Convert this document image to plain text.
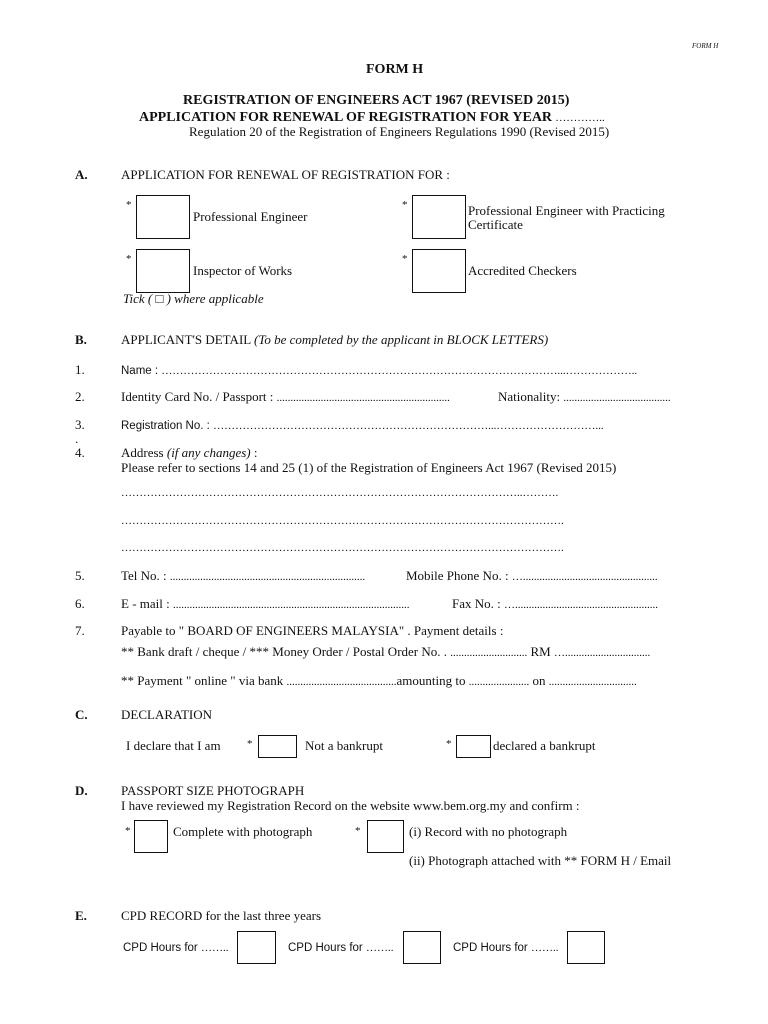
FORM H
FORM H
REGISTRATION OF ENGINEERS ACT 1967 (REVISED 2015)
APPLICATION FOR RENEWAL OF REGISTRATION FOR YEAR …………..
Regulation 20 of the Registration of Engineers Regulations 1990 (Revised 2015)
A.	APPLICATION FOR RENEWAL OF REGISTRATION FOR :
*
Professional Engineer
*	Professional Engineer with Practicing
Certificate
*
Inspector of Works
*
Accredited Checkers
Tick ( □ ) where applicable
B.	APPLICANT'S DETAIL (To be completed by the applicant in BLOCK LETTERS)
1.	Name : ………………………………………………………………………………………………...………………..
2.	Identity Card No. / Passport : ...............................................................	Nationality: .......................................
3.
.
Registration No. : …………………………………………………………………...………………………...
4.	Address (if any changes) :
Please refer to sections 14 and 25 (1) of the Registration of Engineers Act 1967 (Revised 2015)
………………………………………………………………………………………………..……….
………………………………………………………………………………………………………….
………………………………………………………………………………………………………….
5.	Tel No. : .......................................................................	Mobile Phone No. : ….................................................
6.	E - mail : ......................................................................................	Fax No. : …....................................................
7.	Payable to " BOARD OF ENGINEERS MALAYSIA" . Payment details :
** Bank draft / cheque / *** Money Order / Postal Order No. . ............................ RM …...............................
** Payment " online " via bank ........................................amounting to ...................... on ................................
C.	DECLARATION
I declare that I am *	Not a bankrupt	*	declared a bankrupt
D.	PASSPORT SIZE PHOTOGRAPH
I have reviewed my Registration Record on the website www.bem.org.my and confirm :
*	Complete with photograph	*	(i) Record with no photograph
(ii) Photograph attached with ** FORM H / Email
E.	CPD RECORD for the last three years
CPD Hours for ……..	CPD Hours for ……..	CPD Hours for ……..
